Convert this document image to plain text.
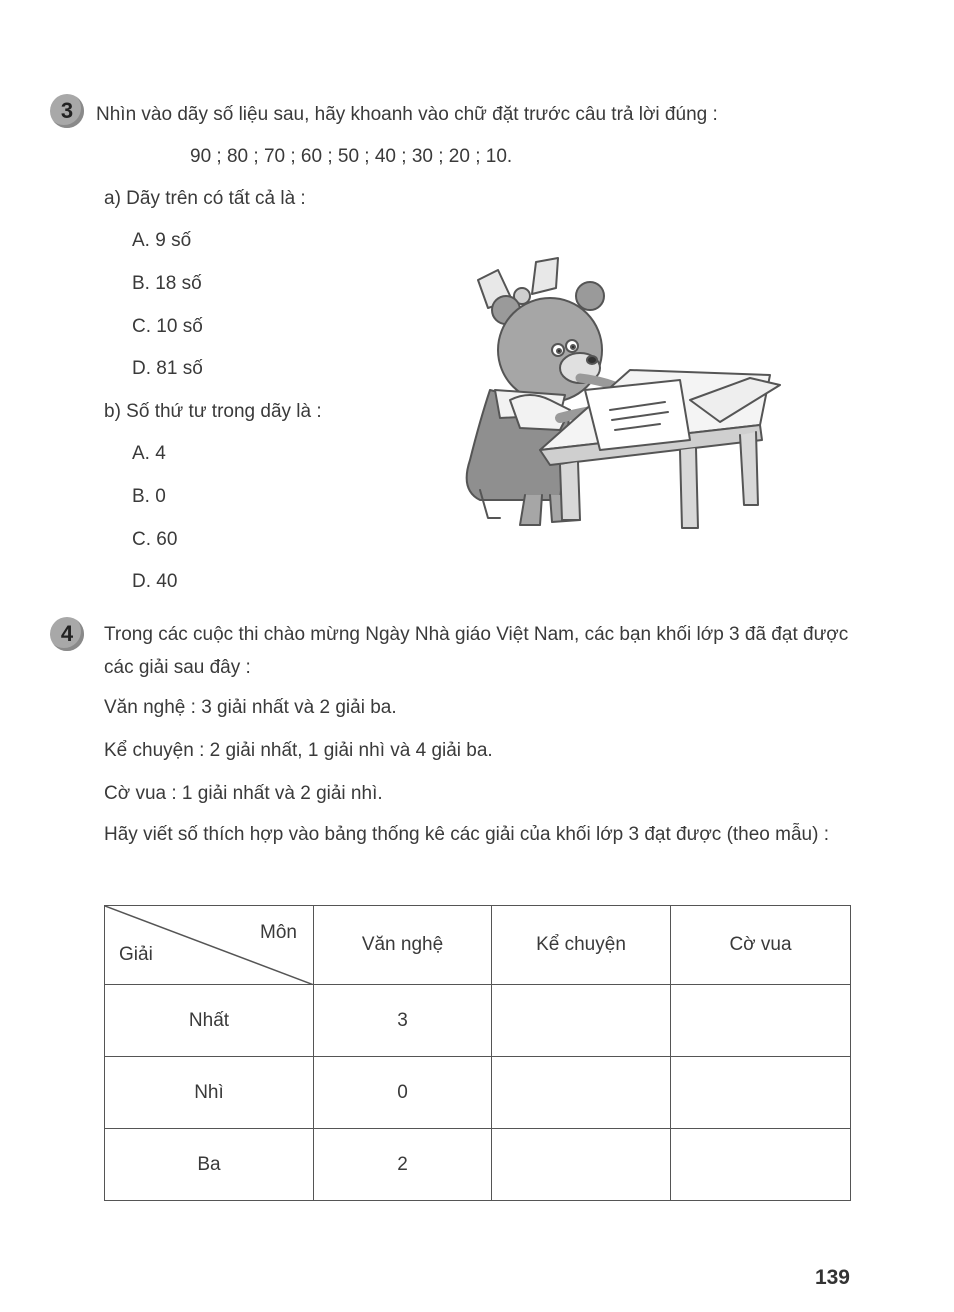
3 Nhìn vào dãy số liệu sau, hãy khoanh vào chữ đặt trước câu trả lời đúng :
90 ; 80 ; 70 ; 60 ; 50 ; 40 ; 30 ; 20 ; 10.
a) Dãy trên có tất cả là :
A. 9 số
B. 18 số
C. 10 số
D. 81 số
b) Số thứ tư trong dãy là :
A. 4
B. 0
C. 60
D. 40
4 Trong các cuộc thi chào mừng Ngày Nhà giáo Việt Nam, các bạn khối lớp 3 đã đạt được các giải sau đây :
Văn nghệ : 3 giải nhất và 2 giải ba.
Kể chuyện : 2 giải nhất, 1 giải nhì và 4 giải ba.
Cờ vua : 1 giải nhất và 2 giải nhì.
Hãy viết số thích hợp vào bảng thống kê các giải của khối lớp 3 đạt được (theo mẫu) :
Môn
Giải	Văn nghệ	Kể chuyện	Cờ vua
Nhất	3		
Nhì	0		
Ba	2		
139
